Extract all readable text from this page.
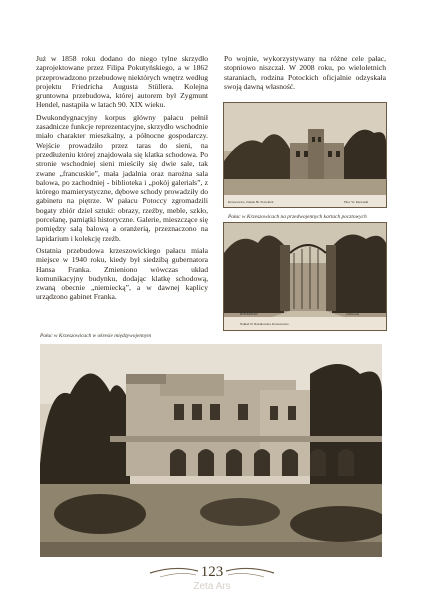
Już w 1858 roku dodano do niego tylne skrzydło zaprojektowane przez Filipa Pokutyńskiego, a w 1862 przeprowadzono przebudowę niektórych wnętrz według projektu Friedricha Augusta Stüllera. Kolejna gruntowna przebudowa, której autorem był Zygmunt Hendel, nastąpiła w latach 90. XIX wieku.

Dwukondygnacyjny korpus główny pałacu pełnił zasadnicze funkcje reprezentacyjne, skrzydło wschodnie miało charakter mieszkalny, a północne gospodarczy. Wejście prowadziło przez taras do sieni, na przedłużeniu której znajdowała się klatka schodowa. Po stronie wschodniej sieni mieściły się dwie sale, tak zwane „francuskie”, mała jadalnia oraz narożna sala balowa, po zachodniej - biblioteka i „pokój galerials”, z którego mamierystyczne, dębowe schody prowadziły do gabinetu na piętrze. W pałacu Potoccy zgromadzili bogaty zbiór dzieł sztuki: obrazy, rzeźby, meble, szkło, porcelanę, pamiątki historyczne. Galerie, mieszczące się pomiędzy salą balową a oranżerią, przeznaczono na lapidarium i kolekcję rzeźb.

Ostatnia przebudowa krzeszowickiego pałacu miała miejsce w 1940 roku, kiedy był siedzibą gubernatora Hansa Franka. Zmieniono wówczas układ komunikacyjny budynku, dodając klatkę schodową, zwaną obecnie „niemiecką”, a w dawnej kaplicy urządzono gabinet Franka.

Po wojnie, wykorzystywany na różne cele pałac, stopniowo niszczał. W 2008 roku, po wieloletnich staraniach, rodzina Potockich oficjalnie odzyskała swoją dawną własność.

Krzeszowice. Zamek Hr. Potockich.	Phot. W. Rzewuski
Pałac w Krzeszowicach na przedwojennych kartach pocztowych
Krzeszowice	Zameczek
Nakład W. Rzadkowska, Krzeszowice.
Pałac w Krzeszowicach w okresie międzywojennym
123
Zeta Ars
